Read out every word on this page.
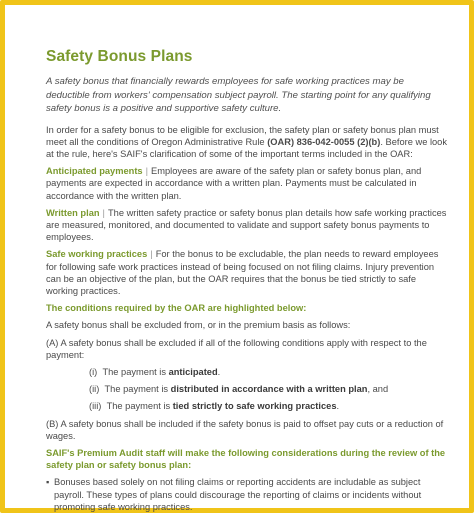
Safety Bonus Plans

A safety bonus that financially rewards employees for safe working practices may be deductible from workers' compensation subject payroll. The starting point for any qualifying safety bonus is a positive and supportive safety culture.

In order for a safety bonus to be eligible for exclusion, the safety plan or safety bonus plan must meet all the conditions of Oregon Administrative Rule (OAR) 836-042-0055 (2)(b). Before we look at the rule, here's SAIF's clarification of some of the important terms included in the OAR:

Anticipated payments | Employees are aware of the safety plan or safety bonus plan, and payments are expected in accordance with a written plan. Payments must be calculated in accordance with the written plan.

Written plan | The written safety practice or safety bonus plan details how safe working practices are measured, monitored, and documented to validate and support safety bonus payments to employees.

Safe working practices | For the bonus to be excludable, the plan needs to reward employees for following safe work practices instead of being focused on not filing claims. Injury prevention can be an objective of the plan, but the OAR requires that the bonus be tied strictly to safe working practices.

The conditions required by the OAR are highlighted below:

A safety bonus shall be excluded from, or in the premium basis as follows:

(A) A safety bonus shall be excluded if all of the following conditions apply with respect to the payment:

(i) The payment is anticipated.

(ii) The payment is distributed in accordance with a written plan, and

(iii) The payment is tied strictly to safe working practices.

(B) A safety bonus shall be included if the safety bonus is paid to offset pay cuts or a reduction of wages.

SAIF's Premium Audit staff will make the following considerations during the review of the safety plan or safety bonus plan:

▪ Bonuses based solely on not filing claims or reporting accidents are includable as subject payroll. These types of plans could discourage the reporting of claims or incidents without promoting safe working practices.
